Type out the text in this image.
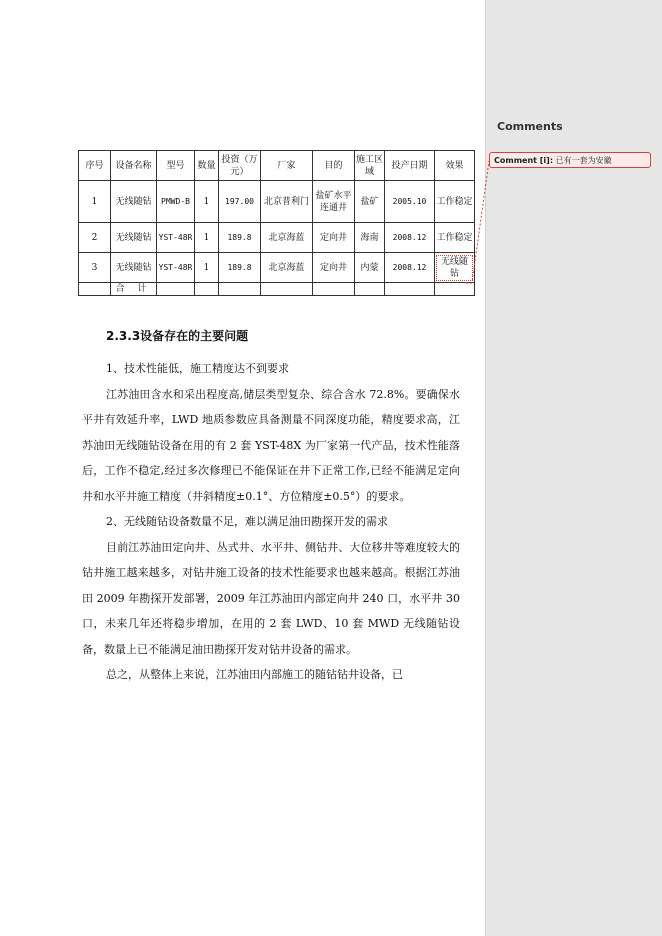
序号	设备名称	型号	数量	投资（万元）	厂家	目的	施工区域	投产日期	效果
1	无线随钻	PMWD-B	1	197.00	北京普利门	盐矿水平连通井	盐矿	2005.10	工作稳定
2	无线随钻	YST-48R	1	189.8	北京海蓝	定向井	海南	2008.12	工作稳定
3	无线随钻	YST-48R	1	189.8	北京海蓝	定向井	内蒙	2008.12	无线随钻
	合 计								

2.3.3设备存在的主要问题

1、技术性能低，施工精度达不到要求

江苏油田含水和采出程度高,储层类型复杂、综合含水 72.8%。要确保水平井有效延升率，LWD 地质参数应具备测量不同深度功能，精度要求高，江苏油田无线随钻设备在用的有 2 套 YST-48X 为厂家第一代产品，技术性能落后，工作不稳定,经过多次修理已不能保证在井下正常工作,已经不能满足定向井和水平井施工精度（井斜精度±0.1°、方位精度±0.5°）的要求。

2、无线随钻设备数量不足，难以满足油田勘探开发的需求

目前江苏油田定向井、丛式井、水平井、侧钻井、大位移井等难度较大的钻井施工越来越多，对钻井施工设备的技术性能要求也越来越高。根据江苏油田 2009 年勘探开发部署，2009 年江苏油田内部定向井 240 口，水平井 30 口，未来几年还将稳步增加，在用的 2 套 LWD、10 套 MWD 无线随钻设备，数量上已不能满足油田勘探开发对钻井设备的需求。

总之，从整体上来说，江苏油田内部施工的随钻钻井设备，已

Comments
Comment [i]: 已有一套为安徽
